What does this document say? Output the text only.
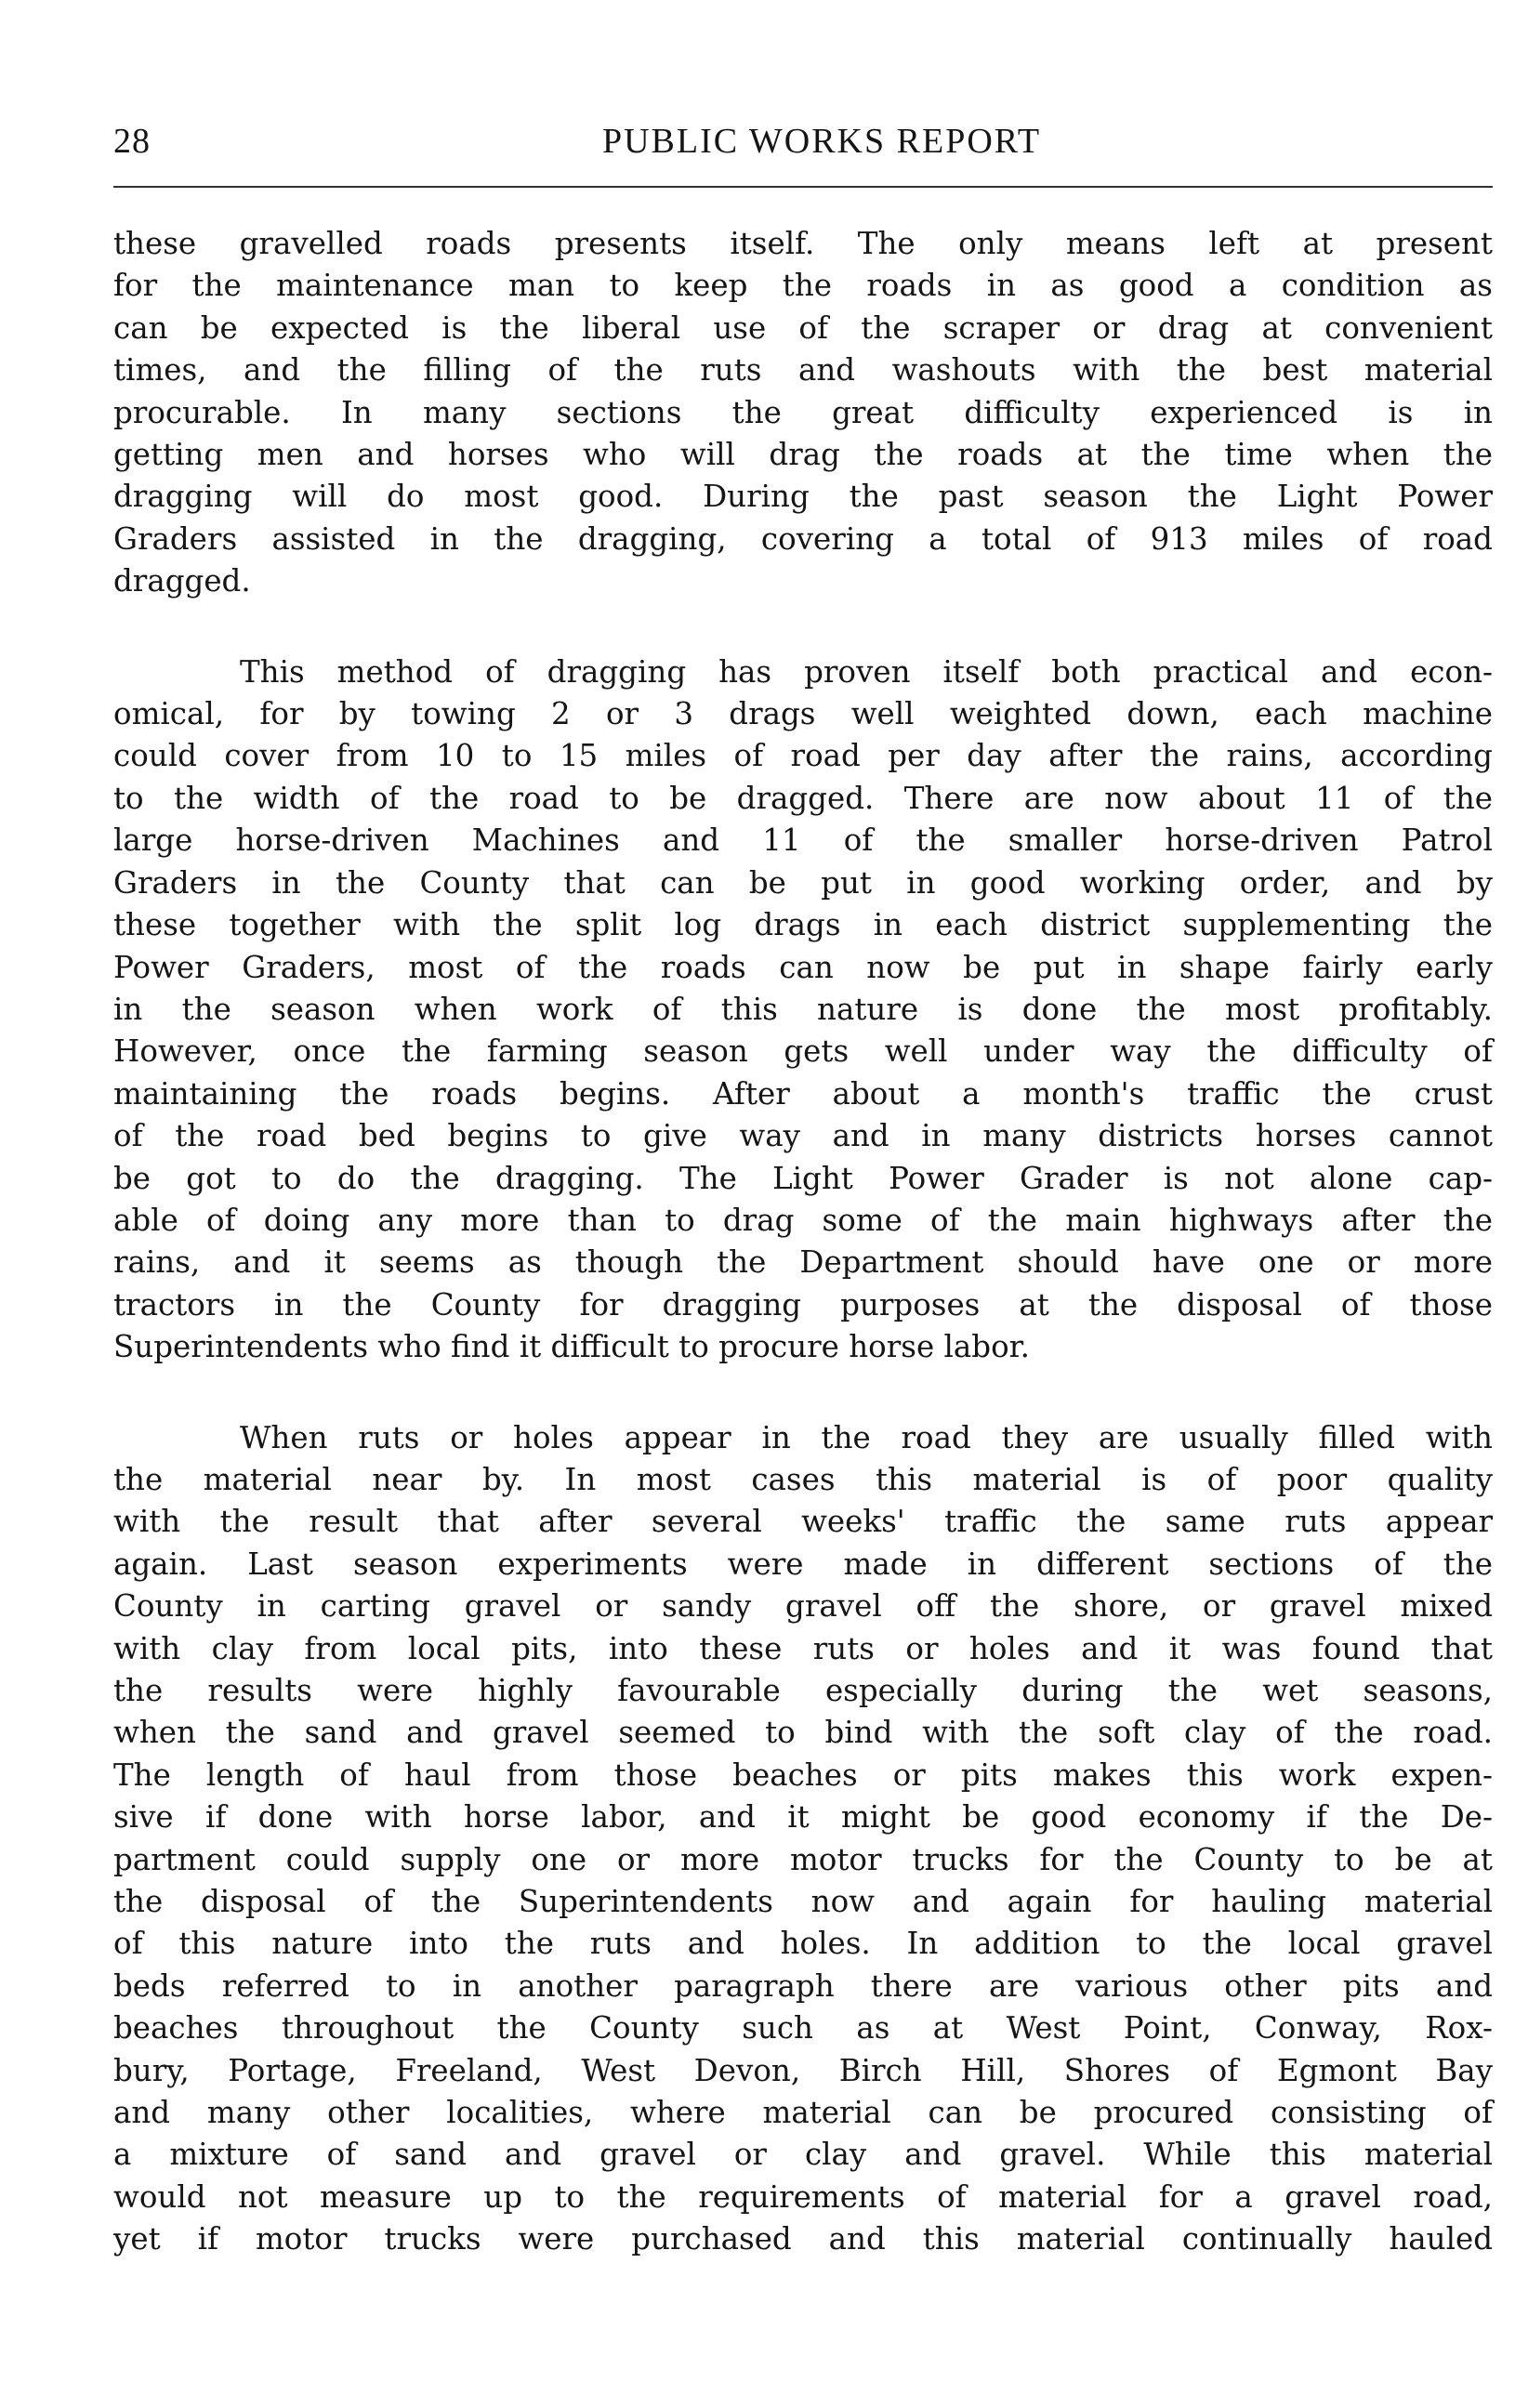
28	PUBLIC WORKS REPORT

these gravelled roads presents itself. The only means left at present
for the maintenance man to keep the roads in as good a condition as
can be expected is the liberal use of the scraper or drag at convenient
times, and the filling of the ruts and washouts with the best material
procurable. In many sections the great difficulty experienced is in
getting men and horses who will drag the roads at the time when the
dragging will do most good. During the past season the Light Power
Graders assisted in the dragging, covering a total of 913 miles of road
dragged.

This method of dragging has proven itself both practical and econ-
omical, for by towing 2 or 3 drags well weighted down, each machine
could cover from 10 to 15 miles of road per day after the rains, according
to the width of the road to be dragged. There are now about 11 of the
large horse-driven Machines and 11 of the smaller horse-driven Patrol
Graders in the County that can be put in good working order, and by
these together with the split log drags in each district supplementing the
Power Graders, most of the roads can now be put in shape fairly early
in the season when work of this nature is done the most profitably.
However, once the farming season gets well under way the difficulty of
maintaining the roads begins. After about a month's traffic the crust
of the road bed begins to give way and in many districts horses cannot
be got to do the dragging. The Light Power Grader is not alone cap-
able of doing any more than to drag some of the main highways after the
rains, and it seems as though the Department should have one or more
tractors in the County for dragging purposes at the disposal of those
Superintendents who find it difficult to procure horse labor.

When ruts or holes appear in the road they are usually filled with
the material near by. In most cases this material is of poor quality
with the result that after several weeks' traffic the same ruts appear
again. Last season experiments were made in different sections of the
County in carting gravel or sandy gravel off the shore, or gravel mixed
with clay from local pits, into these ruts or holes and it was found that
the results were highly favourable especially during the wet seasons,
when the sand and gravel seemed to bind with the soft clay of the road.
The length of haul from those beaches or pits makes this work expen-
sive if done with horse labor, and it might be good economy if the De-
partment could supply one or more motor trucks for the County to be at
the disposal of the Superintendents now and again for hauling material
of this nature into the ruts and holes. In addition to the local gravel
beds referred to in another paragraph there are various other pits and
beaches throughout the County such as at West Point, Conway, Rox-
bury, Portage, Freeland, West Devon, Birch Hill, Shores of Egmont Bay
and many other localities, where material can be procured consisting of
a mixture of sand and gravel or clay and gravel. While this material
would not measure up to the requirements of material for a gravel road,
yet if motor trucks were purchased and this material continually hauled
